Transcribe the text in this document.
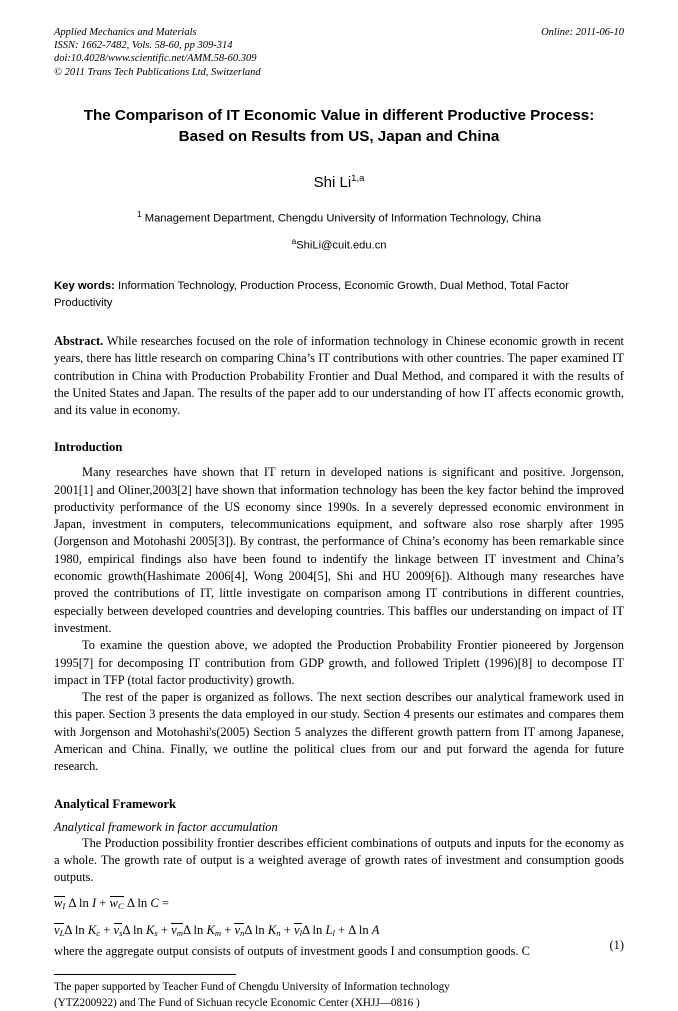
Applied Mechanics and Materials
ISSN: 1662-7482, Vols. 58-60, pp 309-314
doi:10.4028/www.scientific.net/AMM.58-60.309
© 2011 Trans Tech Publications Ltd, Switzerland
Online: 2011-06-10
The Comparison of IT Economic Value in different Productive Process:
Based on Results from US, Japan and China
Shi Li$^{1,a}$
$^1$ Management Department, Chengdu University of Information Technology, China
$^a$ShiLi@cuit.edu.cn
Key words: Information Technology, Production Process, Economic Growth, Dual Method, Total Factor Productivity
Abstract. While researches focused on the role of information technology in Chinese economic growth in recent years, there has little research on comparing China’s IT contributions with other countries. The paper examined IT contribution in China with Production Probability Frontier and Dual Method, and compared it with the results of the United States and Japan. The results of the paper add to our understanding of how IT affects economic growth, and its value in economy.
Introduction

Many researches have shown that IT return in developed nations is significant and positive. Jorgenson, 2001[1] and Oliner,2003[2] have shown that information technology has been the key factor behind the improved productivity performance of the US economy since 1990s. In a severely depressed economic environment in Japan, investment in computers, telecommunications equipment, and software also rose sharply after 1995 (Jorgenson and Motohashi 2005[3]). By contrast, the performance of China’s economy has been remarkable since 1980, empirical findings also have been found to indentify the linkage between IT investment and China’s economic growth(Hashimate 2006[4], Wong 2004[5], Shi and HU 2009[6]). Although many researches have proved the contributions of IT, little investigate on comparison among IT contributions in different countries, especially between developed countries and developing countries. This baffles our understanding on impact of IT investment.

To examine the question above, we adopted the Production Probability Frontier pioneered by Jorgenson 1995[7] for decomposing IT contribution from GDP growth, and followed Triplett (1996)[8] to decompose IT impact in TFP (total factor productivity) growth.

The rest of the paper is organized as follows. The next section describes our analytical framework used in this paper. Section 3 presents the data employed in our study. Section 4 presents our estimates and compares them with Jorgenson and Motohashi's(2005) Section 5 analyzes the different growth pattern from IT among Japanese, American and China. Finally, we outline the political clues from our and put forward the agenda for future research.

Analytical Framework
Analytical framework in factor accumulation

The Production possibility frontier describes efficient combinations of outputs and inputs for the economy as a whole. The growth rate of output is a weighted average of growth rates of investment and consumption goods outputs.

$w_I$ Δ $\ln I + w_C$ Δ ln C =
$v_L\Delta$ $\ln K_c + v_s\Delta$ $\ln K_s + v_m\Delta$ $\ln K_m + v_n\Delta$ $\ln K_n + v_l\Delta$ $\ln L_l + \Delta$ ln A
(1)

where the aggregate output consists of outputs of investment goods I and consumption goods. C

The paper supported by Teacher Fund of Chengdu University of Information technology
(YTZ200922) and The Fund of Sichuan recycle Economic Center (XHJJ—0816 )
